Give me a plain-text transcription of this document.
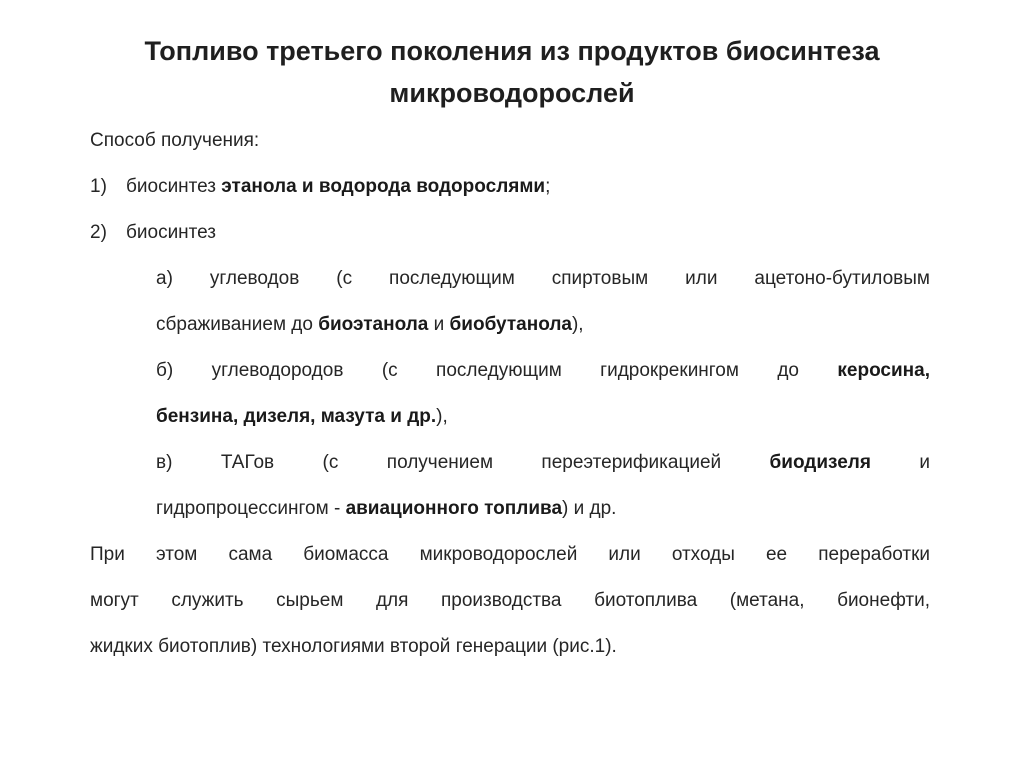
Топливо третьего поколения из продуктов биосинтеза
микроводорослей
Способ получения:
1)	биосинтез этанола и водорода водорослями;
2)	биосинтез
а) углеводов (с последующим спиртовым или ацетоно-бутиловым
сбраживанием до биоэтанола и биобутанола),
б) углеводородов (с последующим гидрокрекингом до керосина,
бензина, дизеля, мазута и др.),
в) ТАГов (с получением переэтерификацией биодизеля и
гидропроцессингом - авиационного топлива) и др.
При этом сама биомасса микроводорослей или отходы ее переработки
могут служить сырьем для производства биотоплива (метана, бионефти,
жидких биотоплив) технологиями второй генерации (рис.1).
